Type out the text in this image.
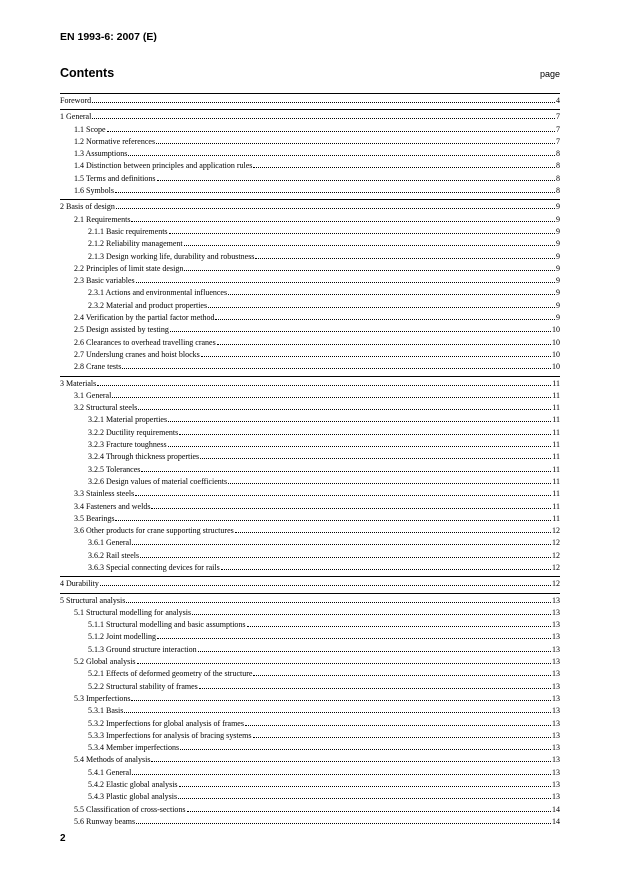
EN 1993-6: 2007 (E)
Contents	page
Foreword	4
1 General	7
1.1 Scope	7
1.2 Normative references	7
1.3 Assumptions	8
1.4 Distinction between principles and application rules	8
1.5 Terms and definitions	8
1.6 Symbols	8
2 Basis of design	9
2.1 Requirements	9
2.1.1 Basic requirements	9
2.1.2 Reliability management	9
2.1.3 Design working life, durability and robustness	9
2.2 Principles of limit state design	9
2.3 Basic variables	9
2.3.1 Actions and environmental influences	9
2.3.2 Material and product properties	9
2.4 Verification by the partial factor method	9
2.5 Design assisted by testing	10
2.6 Clearances to overhead travelling cranes	10
2.7 Underslung cranes and hoist blocks	10
2.8 Crane tests	10
3 Materials	11
3.1 General	11
3.2 Structural steels	11
3.2.1 Material properties	11
3.2.2 Ductility requirements	11
3.2.3 Fracture toughness	11
3.2.4 Through thickness properties	11
3.2.5 Tolerances	11
3.2.6 Design values of material coefficients	11
3.3 Stainless steels	11
3.4 Fasteners and welds	11
3.5 Bearings	11
3.6 Other products for crane supporting structures	12
3.6.1 General	12
3.6.2 Rail steels	12
3.6.3 Special connecting devices for rails	12
4 Durability	12
5 Structural analysis	13
5.1 Structural modelling for analysis	13
5.1.1 Structural modelling and basic assumptions	13
5.1.2 Joint modelling	13
5.1.3 Ground structure interaction	13
5.2 Global analysis	13
5.2.1 Effects of deformed geometry of the structure	13
5.2.2 Structural stability of frames	13
5.3 Imperfections	13
5.3.1 Basis	13
5.3.2 Imperfections for global analysis of frames	13
5.3.3 Imperfections for analysis of bracing systems	13
5.3.4 Member imperfections	13
5.4 Methods of analysis	13
5.4.1 General	13
5.4.2 Elastic global analysis	13
5.4.3 Plastic global analysis	13
5.5 Classification of cross-sections	14
5.6 Runway beams	14
2
